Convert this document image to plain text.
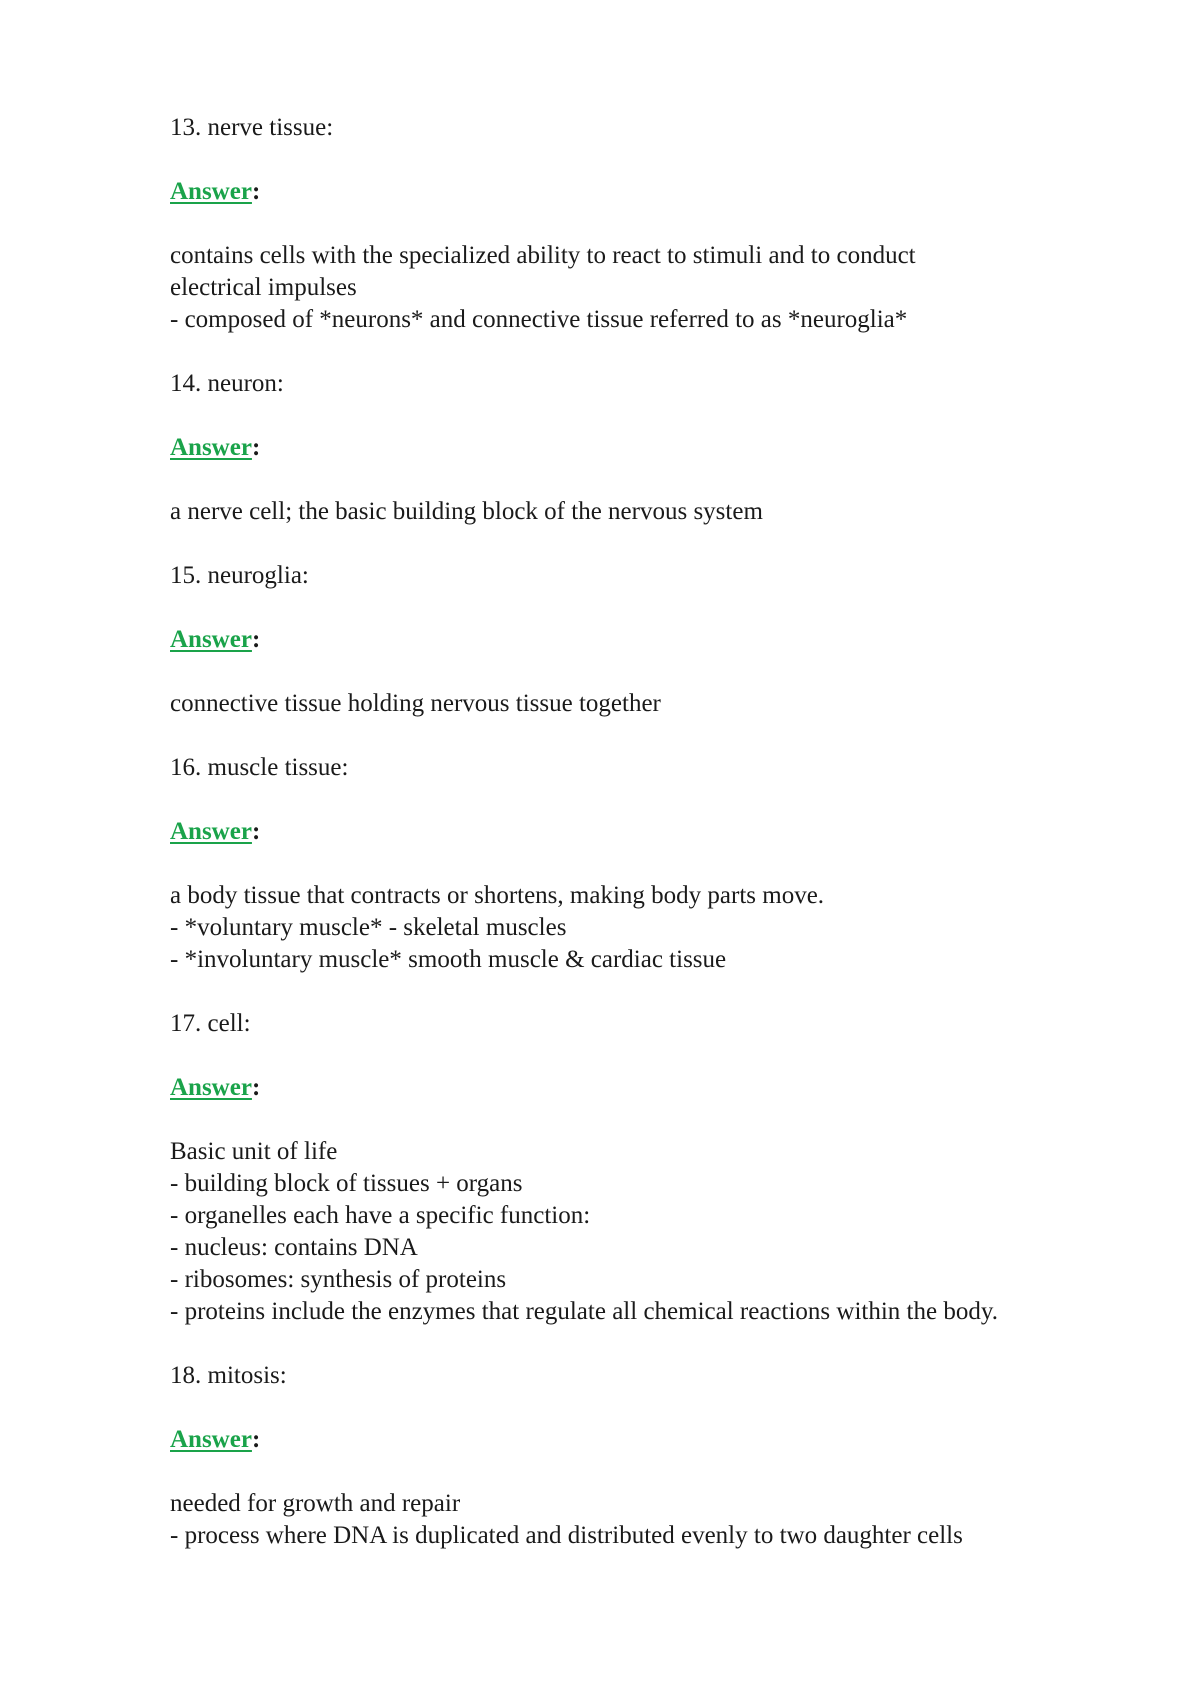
13. nerve tissue:
Answer:
contains cells with the specialized ability to react to stimuli and to conduct
electrical impulses
- composed of *neurons* and connective tissue referred to as *neuroglia*
14. neuron:
Answer:
a nerve cell; the basic building block of the nervous system
15. neuroglia:
Answer:
connective tissue holding nervous tissue together
16. muscle tissue:
Answer:
a body tissue that contracts or shortens, making body parts move.
- *voluntary muscle* - skeletal muscles
- *involuntary muscle* smooth muscle & cardiac tissue
17. cell:
Answer:
Basic unit of life
- building block of tissues + organs
- organelles each have a specific function:
- nucleus: contains DNA
- ribosomes: synthesis of proteins
- proteins include the enzymes that regulate all chemical reactions within the body.
18. mitosis:
Answer:
needed for growth and repair
- process where DNA is duplicated and distributed evenly to two daughter cells
